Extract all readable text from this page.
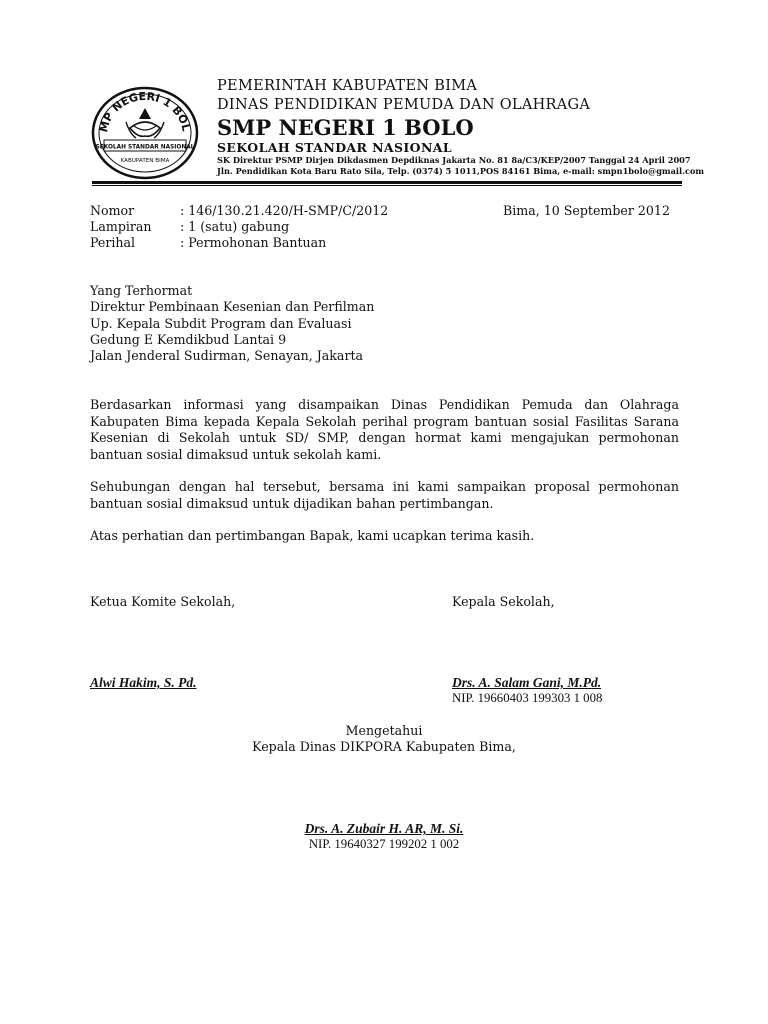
MP NEGERI 1 BOL
SEKOLAH STANDAR NASIONAL
KABUPATEN BIMA
PEMERINTAH KABUPATEN BIMA
DINAS PENDIDIKAN PEMUDA DAN OLAHRAGA
SMP NEGERI 1 BOLO
SEKOLAH STANDAR NASIONAL
SK Direktur PSMP Dirjen Dikdasmen Depdiknas Jakarta No. 81 8a/C3/KEP/2007 Tanggal 24 April 2007
Jln. Pendidikan Kota Baru Rato Sila, Telp. (0374) 5 1011,POS 84161 Bima, e-mail: smpn1bolo@gmail.com
Nomor	: 146/130.21.420/H-SMP/C/2012	Bima, 10 September 2012
Lampiran : 1 (satu) gabung
Perihal	: Permohonan Bantuan
Yang Terhormat
Direktur Pembinaan Kesenian dan Perfilman
Up. Kepala Subdit Program dan Evaluasi
Gedung E Kemdikbud Lantai 9
Jalan Jenderal Sudirman, Senayan, Jakarta
Berdasarkan informasi yang disampaikan Dinas Pendidikan Pemuda dan Olahraga Kabupaten Bima kepada Kepala Sekolah perihal program bantuan sosial Fasilitas Sarana Kesenian di Sekolah untuk SD/ SMP, dengan hormat kami mengajukan permohonan bantuan sosial dimaksud untuk sekolah kami.
Sehubungan dengan hal tersebut, bersama ini kami sampaikan proposal permohonan bantuan sosial dimaksud untuk dijadikan bahan pertimbangan.
Atas perhatian dan pertimbangan Bapak, kami ucapkan terima kasih.
Ketua Komite Sekolah,	Kepala Sekolah,
Alwi Hakim, S. Pd.	Drs. A. Salam Gani, M.Pd.
NIP. 19660403 199303 1 008
Mengetahui
Kepala Dinas DIKPORA Kabupaten Bima,
Drs. A. Zubair H. AR, M. Si.
NIP. 19640327 199202 1 002
